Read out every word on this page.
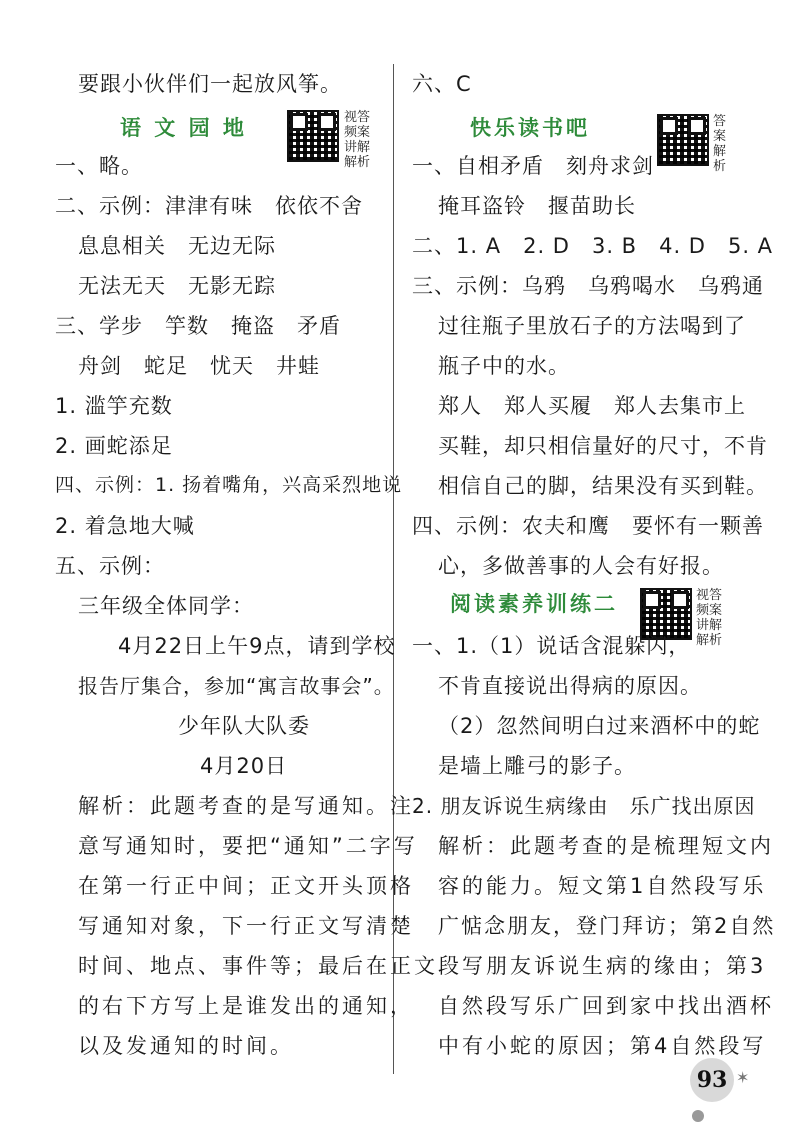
要跟小伙伴们一起放风筝。
语 文 园 地	视答频案讲解解析
一、略。
二、示例：津津有味　依依不舍
息息相关　无边无际
无法无天　无影无踪
三、学步　竽数　掩盗　矛盾
舟剑　蛇足　忧天　井蛙
1. 滥竽充数
2. 画蛇添足
四、示例：1. 扬着嘴角，兴高采烈地说
2. 着急地大喊
五、示例：
三年级全体同学：
4月22日上午9点，请到学校
报告厅集合，参加“寓言故事会”。
少年队大队委
4月20日
解析：此题考查的是写通知。注
意写通知时，要把“通知”二字写
在第一行正中间；正文开头顶格
写通知对象，下一行正文写清楚
时间、地点、事件等；最后在正文
的右下方写上是谁发出的通知，
以及发通知的时间。
六、C
快乐读书吧	答案解析
一、自相矛盾　刻舟求剑
掩耳盗铃　揠苗助长
二、1. A　2. D　3. B　4. D　5. A
三、示例：乌鸦　乌鸦喝水　乌鸦通
过往瓶子里放石子的方法喝到了
瓶子中的水。
郑人　郑人买履　郑人去集市上
买鞋，却只相信量好的尺寸，不肯
相信自己的脚，结果没有买到鞋。
四、示例：农夫和鹰　要怀有一颗善
心，多做善事的人会有好报。
阅读素养训练二	视答频案讲解解析
一、1.（1）说话含混躲闪，
不肯直接说出得病的原因。
（2）忽然间明白过来酒杯中的蛇
是墙上雕弓的影子。
2. 朋友诉说生病缘由　乐广找出原因
解析：此题考查的是梳理短文内
容的能力。短文第1自然段写乐
广惦念朋友，登门拜访；第2自然
段写朋友诉说生病的缘由；第3
自然段写乐广回到家中找出酒杯
中有小蛇的原因；第4自然段写
93 ✶
